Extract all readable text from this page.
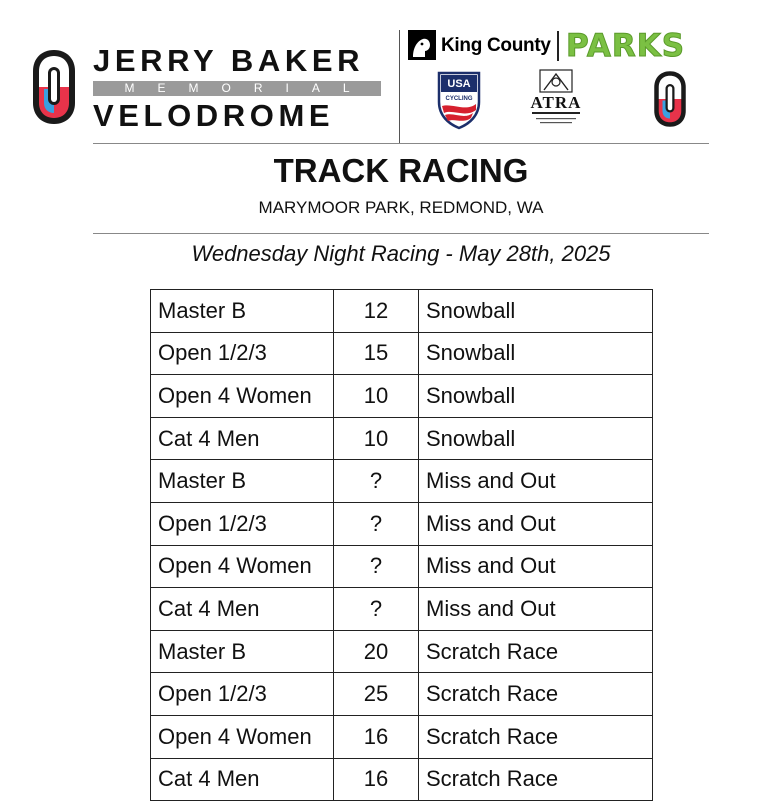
JERRY BAKER
MEMORIAL
VELODROME
King County PARKS
USA
CYCLING	ATRA
TRACK RACING
MARYMOOR PARK, REDMOND, WA
Wednesday Night Racing - May 28th, 2025
Master B	12	Snowball
Open 1/2/3	15	Snowball
Open 4 Women	10	Snowball
Cat 4 Men	10	Snowball
Master B	?	Miss and Out
Open 1/2/3	?	Miss and Out
Open 4 Women	?	Miss and Out
Cat 4 Men	?	Miss and Out
Master B	20	Scratch Race
Open 1/2/3	25	Scratch Race
Open 4 Women	16	Scratch Race
Cat 4 Men	16	Scratch Race
